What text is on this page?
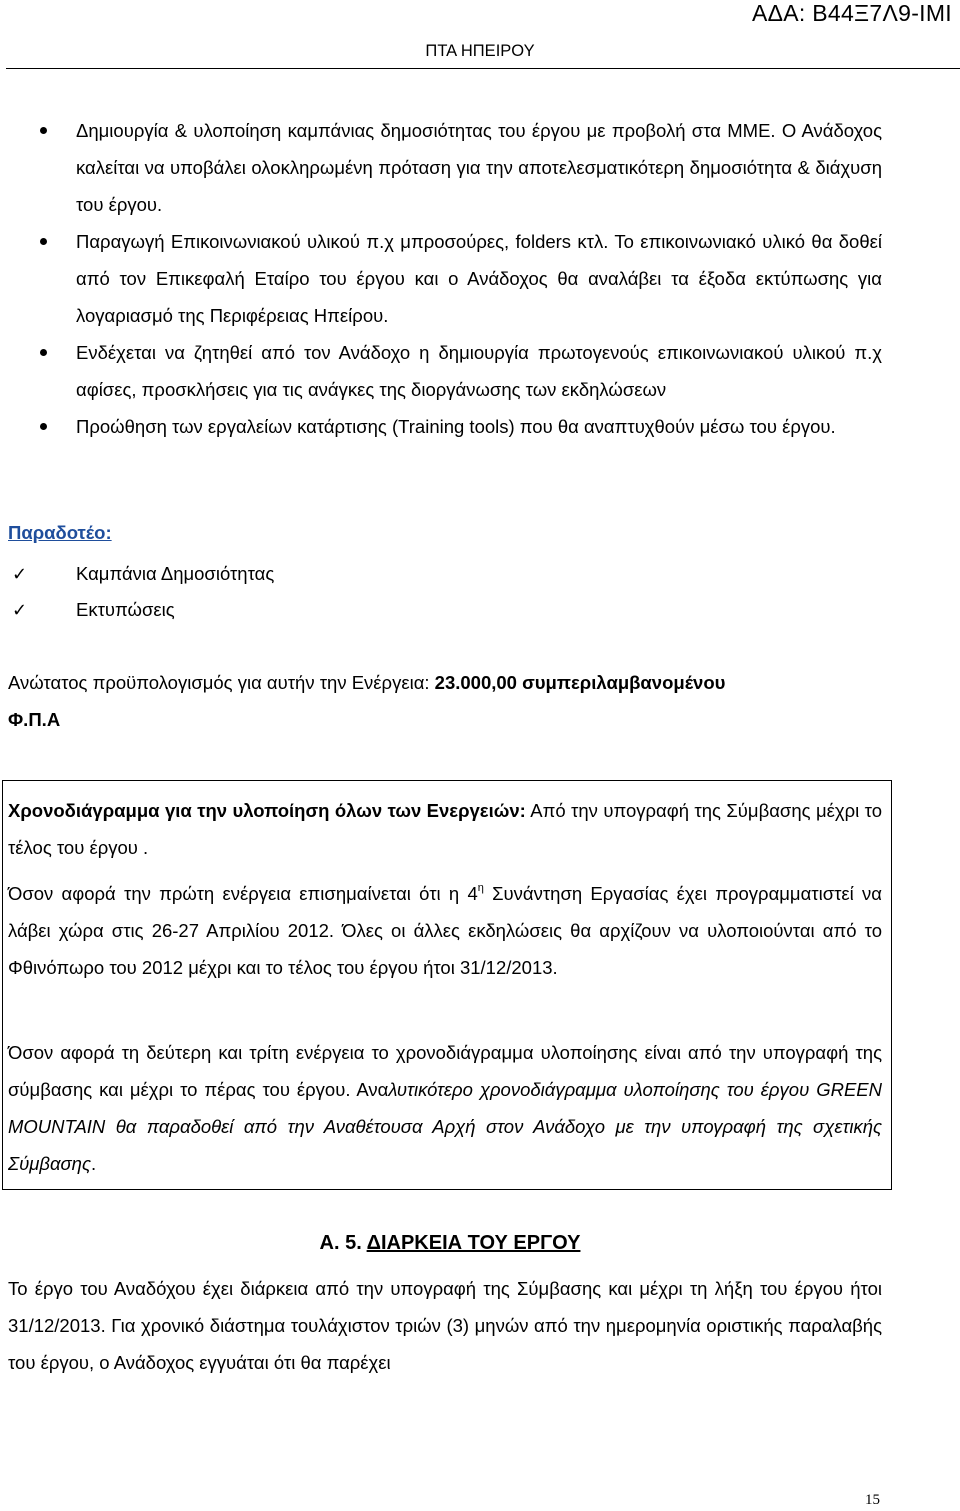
ΑΔΑ: Β44Ξ7Λ9-ΙΜΙ
ΠΤΑ ΗΠΕΙΡΟΥ
Δημιουργία & υλοποίηση καμπάνιας δημοσιότητας του έργου με προβολή στα ΜΜΕ. Ο Ανάδοχος καλείται να υποβάλει ολοκληρωμένη πρόταση για την αποτελεσματικότερη δημοσιότητα & διάχυση του έργου.
Παραγωγή Επικοινωνιακού υλικού π.χ μπροσούρες, folders κτλ. Το επικοινωνιακό υλικό θα δοθεί από τον Επικεφαλή Εταίρο του έργου και ο Ανάδοχος θα αναλάβει τα έξοδα εκτύπωσης για λογαριασμό της Περιφέρειας Ηπείρου.
Ενδέχεται να ζητηθεί από τον Ανάδοχο η δημιουργία πρωτογενούς επικοινωνιακού υλικού π.χ αφίσες, προσκλήσεις για τις ανάγκες της διοργάνωσης των εκδηλώσεων
Προώθηση των εργαλείων κατάρτισης (Training tools) που θα αναπτυχθούν μέσω του έργου.
Παραδοτέο:
✓	Καμπάνια Δημοσιότητας
✓	Εκτυπώσεις
Ανώτατος προϋπολογισμός για αυτήν την Ενέργεια: 23.000,00 συμπεριλαμβανομένου
Φ.Π.Α

Χρονοδιάγραμμα για την υλοποίηση όλων των Ενεργειών: Από την υπογραφή της Σύμβασης μέχρι το τέλος του έργου .

Όσον αφορά την πρώτη ενέργεια επισημαίνεται ότι η $4^\eta$ Συνάντηση Εργασίας έχει προγραμματιστεί να λάβει χώρα στις 26-27 Απριλίου 2012. Όλες οι άλλες εκδηλώσεις θα αρχίζουν να υλοποιούνται από το Φθινόπωρο του 2012 μέχρι και το τέλος του έργου ήτοι 31/12/2013.

Όσον αφορά τη δεύτερη και τρίτη ενέργεια το χρονοδιάγραμμα υλοποίησης είναι από την υπογραφή της σύμβασης και μέχρι το πέρας του έργου. Αναλυτικότερο χρονοδιάγραμμα υλοποίησης του έργου GREEN MOUNTAIN θα παραδοθεί από την Αναθέτουσα Αρχή στον Ανάδοχο με την υπογραφή της σχετικής Σύμβασης.

Α. 5. ΔΙΑΡΚΕΙΑ ΤΟΥ ΕΡΓΟΥ

Το έργο του Αναδόχου έχει διάρκεια από την υπογραφή της Σύμβασης και μέχρι τη λήξη του έργου ήτοι 31/12/2013. Για χρονικό διάστημα τουλάχιστον τριών (3) μηνών από την ημερομηνία οριστικής παραλαβής του έργου, ο Ανάδοχος εγγυάται ότι θα παρέχει

15
